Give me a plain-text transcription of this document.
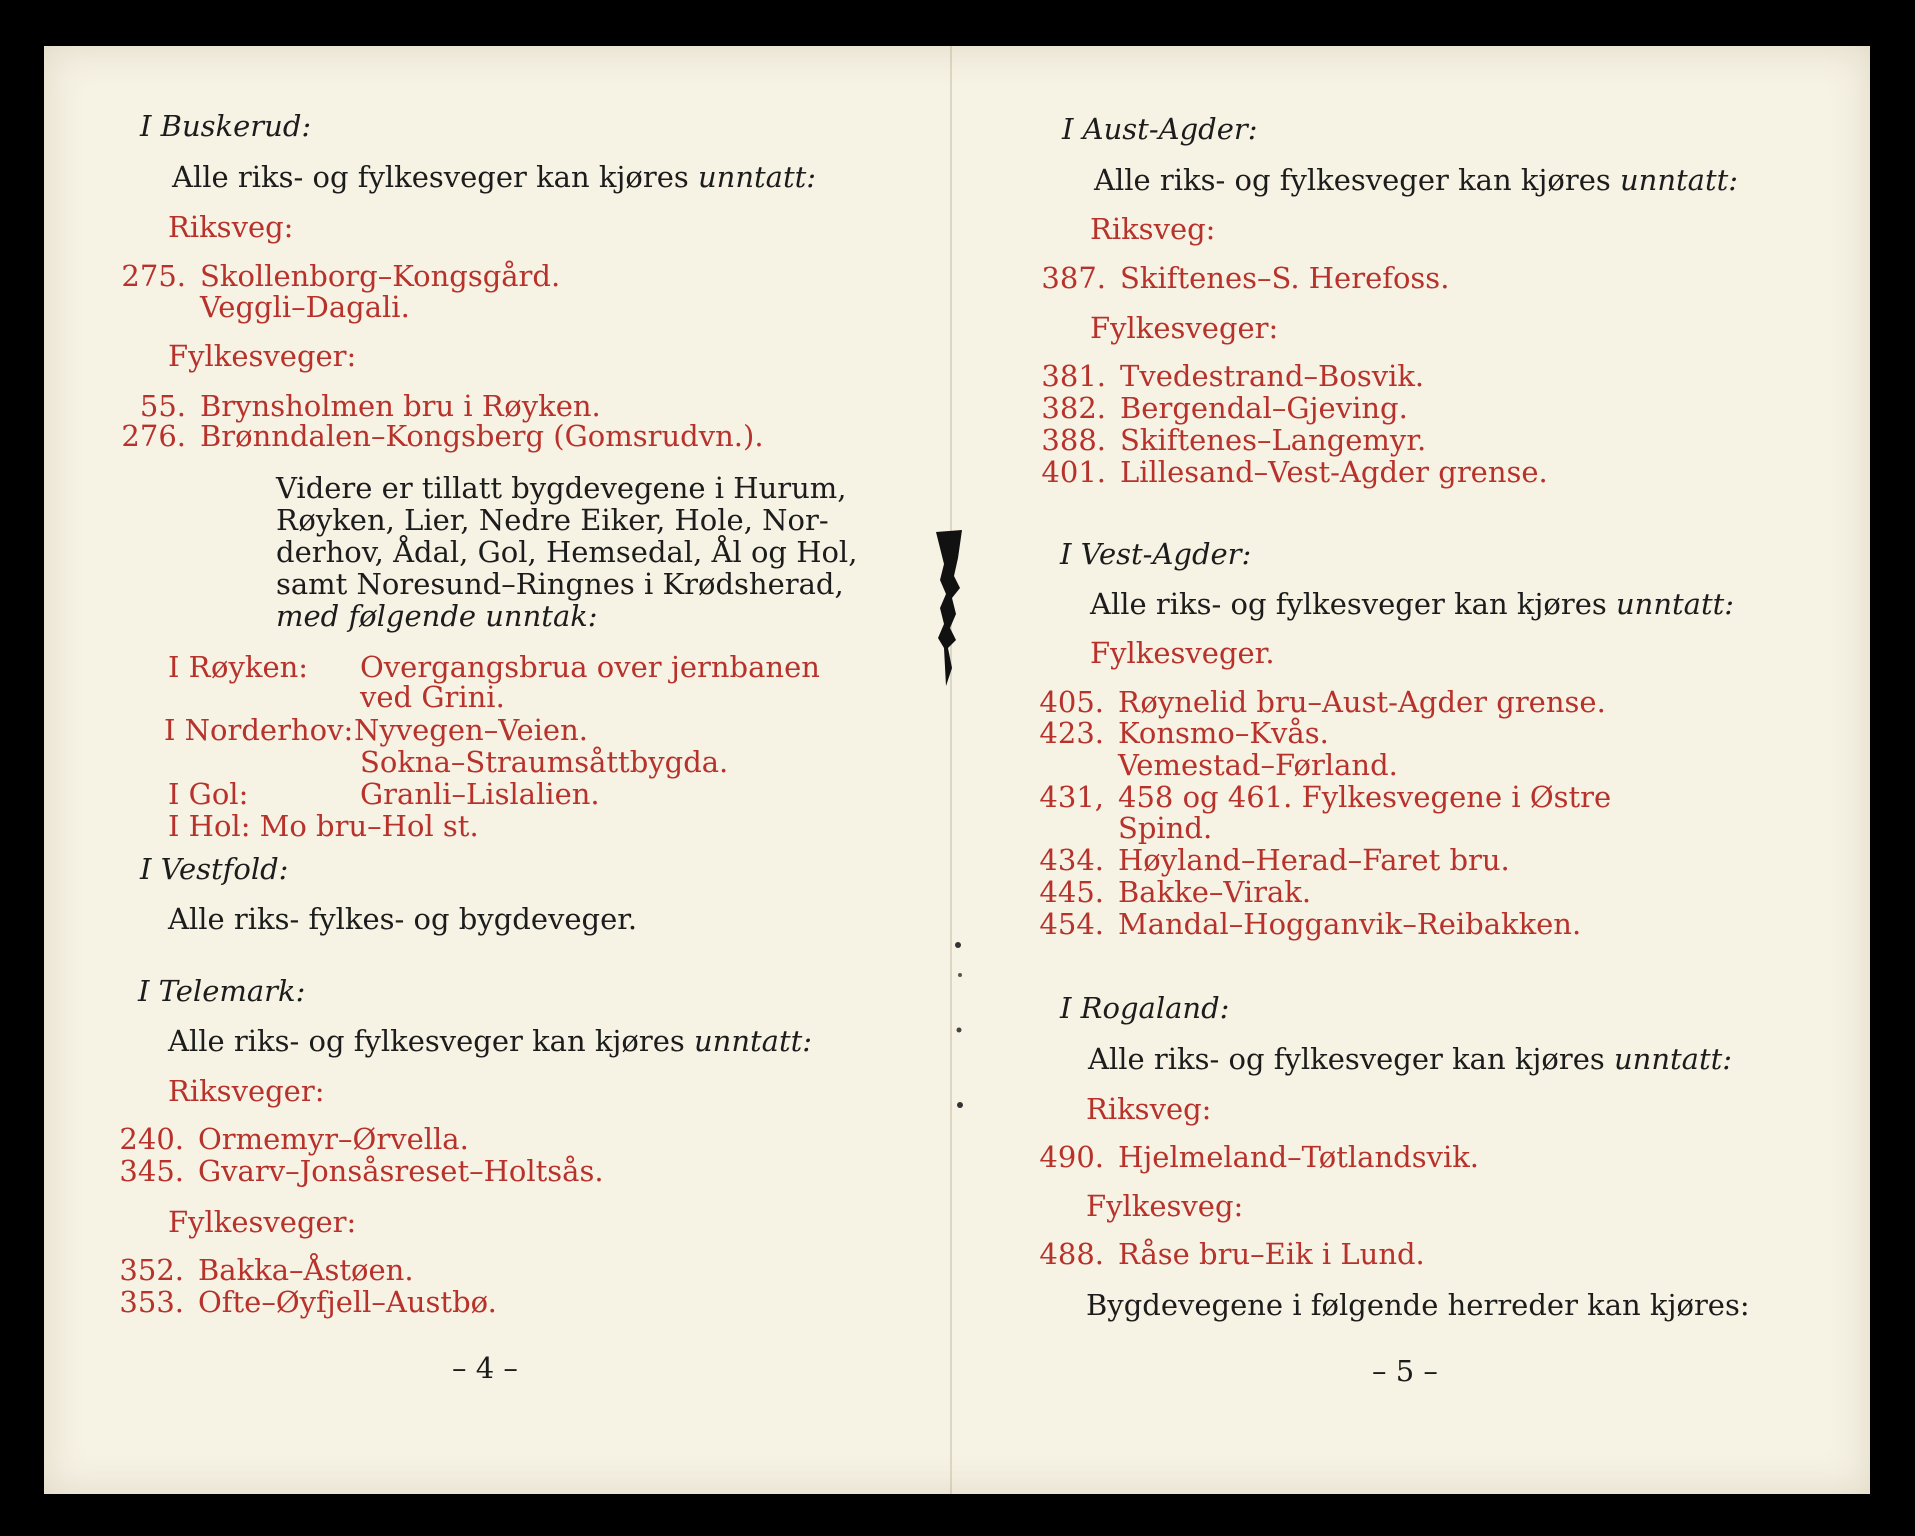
I Buskerud:
Alle riks- og fylkesveger kan kjøres unntatt:
Riksveg:
275. Skollenborg–Kongsgård.
Veggli–Dagali.
Fylkesveger:
55. Brynsholmen bru i Røyken.
276. Brønndalen–Kongsberg (Gomsrudvn.).
Videre er tillatt bygdevegene i Hurum,
Røyken, Lier, Nedre Eiker, Hole, Nor-
derhov, Ådal, Gol, Hemsedal, Ål og Hol,
samt Noresund–Ringnes i Krødsherad,
med følgende unntak:
I Røyken: Overgangsbrua over jernbanen
ved Grini.
I Norderhov: Nyvegen–Veien.
Sokna–Straumsåttbygda.
I Gol:	Granli–Lislalien.
I Hol: Mo bru–Hol st.
I Vestfold:
Alle riks- fylkes- og bygdeveger.
I Telemark:
Alle riks- og fylkesveger kan kjøres unntatt:
Riksveger:
240. Ormemyr–Ørvella.
345. Gvarv–Jonsåsreset–Holtsås.
Fylkesveger:
352. Bakka–Åstøen.
353. Ofte–Øyfjell–Austbø.
– 4 –
I Aust-Agder:
Alle riks- og fylkesveger kan kjøres unntatt:
Riksveg:
387. Skiftenes–S. Herefoss.
Fylkesveger:
381. Tvedestrand–Bosvik.
382. Bergendal–Gjeving.
388. Skiftenes–Langemyr.
401. Lillesand–Vest-Agder grense.
I Vest-Agder:
Alle riks- og fylkesveger kan kjøres unntatt:
Fylkesveger.
405. Røynelid bru–Aust-Agder grense.
423. Konsmo–Kvås.
Vemestad–Førland.
431, 458 og 461. Fylkesvegene i Østre
Spind.
434. Høyland–Herad–Faret bru.
445. Bakke–Virak.
454. Mandal–Hogganvik–Reibakken.
I Rogaland:
Alle riks- og fylkesveger kan kjøres unntatt:
Riksveg:
490. Hjelmeland–Tøtlandsvik.
Fylkesveg:
488. Råse bru–Eik i Lund.
Bygdevegene i følgende herreder kan kjøres:
– 5 –
